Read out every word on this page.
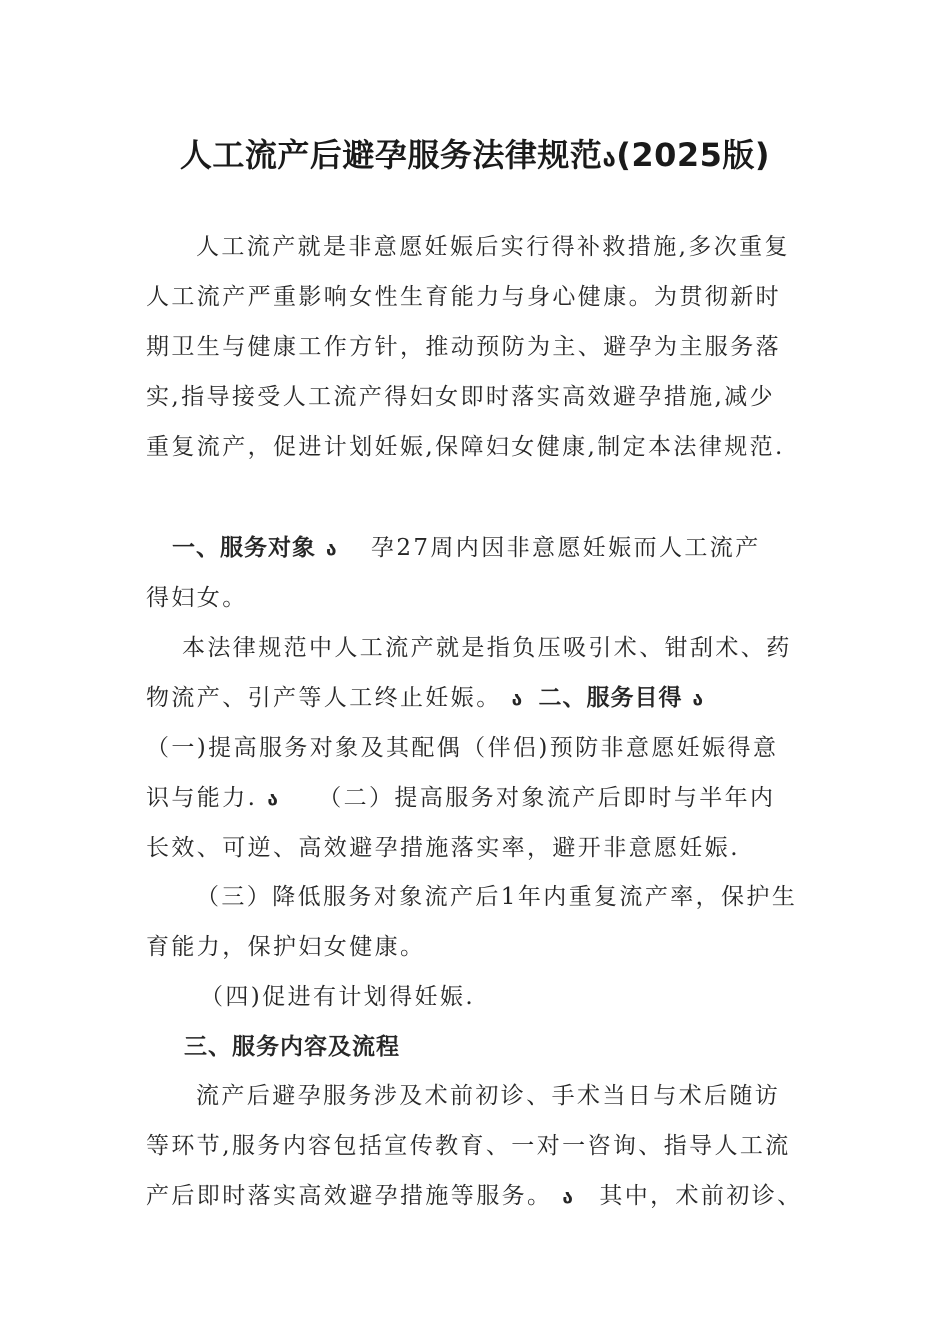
人工流产后避孕服务法律规范ა(2025版)
人工流产就是非意愿妊娠后实行得补救措施,多次重复
人工流产严重影响女性生育能力与身心健康。为贯彻新时
期卫生与健康工作方针，推动预防为主、避孕为主服务落
实,指导接受人工流产得妇女即时落实高效避孕措施,减少
重复流产，促进计划妊娠,保障妇女健康,制定本法律规范.
一、服务对象 ა 孕27周内因非意愿妊娠而人工流产
得妇女。
本法律规范中人工流产就是指负压吸引术、钳刮术、药
物流产、引产等人工终止妊娠。 ა 二、服务目得 ა
（一)提高服务对象及其配偶（伴侣)预防非意愿妊娠得意
识与能力. ა （二）提高服务对象流产后即时与半年内
长效、可逆、高效避孕措施落实率，避开非意愿妊娠.
（三）降低服务对象流产后1年内重复流产率，保护生
育能力，保护妇女健康。
（四)促进有计划得妊娠.
三、服务内容及流程
流产后避孕服务涉及术前初诊、手术当日与术后随访
等环节,服务内容包括宣传教育、一对一咨询、指导人工流
产后即时落实高效避孕措施等服务。 ა 其中，术前初诊、
